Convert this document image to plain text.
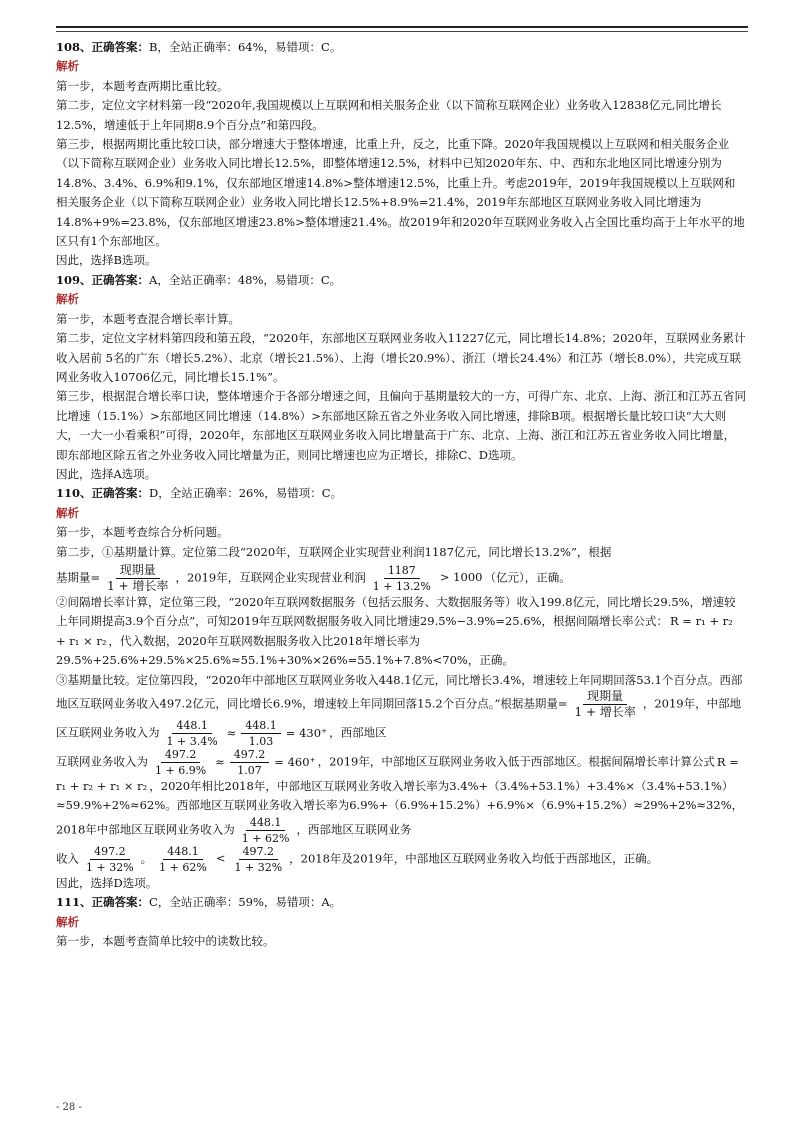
108、正确答案：B，全站正确率：64%，易错项：C。

解析

第一步，本题考查两期比重比较。

第二步，定位文字材料第一段“2020年,我国规模以上互联网和相关服务企业（以下简称互联网企业）业务收入12838亿元,同比增长12.5%，增速低于上年同期8.9个百分点”和第四段。

第三步，根据两期比重比较口诀，部分增速大于整体增速，比重上升，反之，比重下降。2020年我国规模以上互联网和相关服务企业（以下简称互联网企业）业务收入同比增长12.5%，即整体增速12.5%，材料中已知2020年东、中、西和东北地区同比增速分别为14.8%、3.4%、6.9%和9.1%，仅东部地区增速14.8%>整体增速12.5%，比重上升。考虑2019年，2019年我国规模以上互联网和相关服务企业（以下简称互联网企业）业务收入同比增长12.5%+8.9%=21.4%，2019年东部地区互联网业务收入同比增速为14.8%+9%=23.8%，仅东部地区增速23.8%>整体增速21.4%。故2019年和2020年互联网业务收入占全国比重均高于上年水平的地区只有1个东部地区。

因此，选择B选项。

109、正确答案：A，全站正确率：48%，易错项：C。

解析

第一步，本题考查混合增长率计算。

第二步，定位文字材料第四段和第五段，“2020年，东部地区互联网业务收入11227亿元，同比增长14.8%；2020年，互联网业务累计收入居前 5名的广东（增长5.2%）、北京（增长21.5%）、上海（增长20.9%）、浙江（增长24.4%）和江苏（增长8.0%），共完成互联网业务收入10706亿元，同比增长15.1%”。

第三步，根据混合增长率口诀，整体增速介于各部分增速之间，且偏向于基期量较大的一方，可得广东、北京、上海、浙江和江苏五省同比增速（15.1%）>东部地区同比增速（14.8%）>东部地区除五省之外业务收入同比增速，排除B项。根据增长量比较口诀“大大则大，一大一小看乘积”可得，2020年，东部地区互联网业务收入同比增量高于广东、北京、上海、浙江和江苏五省业务收入同比增量，即东部地区除五省之外业务收入同比增量为正，则同比增速也应为正增长，排除C、D选项。

因此，选择A选项。

110、正确答案：D，全站正确率：26%，易错项：C。

解析

第一步，本题考查综合分析问题。

第二步，①基期量计算。定位第二段“2020年，互联网企业实现营业利润1187亿元，同比增长13.2%”，根据

基期量= $\frac{\text{现期量}}{\text{1 + 增长率}}$ ，2019年，互联网企业实现营业利润 $\frac{1187}{1 + 13.2\%} > 1000$ （亿元），正确。

②间隔增长率计算，定位第三段，“2020年互联网数据服务（包括云服务、大数据服务等）收入199.8亿元，同比增长29.5%，增速较上年同期提高3.9个百分点”，可知2019年互联网数据服务收入同比增速29.5%−3.9%=25.6%，根据间隔增长率公式： R = r₁ + r₂ + r₁ × r₂ ，代入数据，2020年互联网数据服务收入比2018年增长率为29.5%+25.6%+29.5%×25.6%≈55.1%+30%×26%=55.1%+7.8%<70%，正确。

③基期量比较。定位第四段，“2020年中部地区互联网业务收入448.1亿元，同比增长3.4%，增速较上年同期回落53.1个百分点。西部地区互联网业务收入497.2亿元，同比增长6.9%，增速较上年同期回落15.2个百分点。”根据基期量= $\frac{\text{现期量}}{\text{1 + 增长率}}$ ，2019年，中部地区互联网业务收入为 $\frac{448.1}{1 + 3.4\%} \approx \frac{448.1}{1.03} = 430^+$ ，西部地区

互联网业务收入为 $\frac{497.2}{1 + 6.9\%} \approx \frac{497.2}{1.07} = 460^+$ ，2019年，中部地区互联网业务收入低于西部地区。根据间隔增长率计算公式 R = r₁ + r₂ + r₁ × r₂ ，2020年相比2018年，中部地区互联网业务收入增长率为3.4%+（3.4%+53.1%）+3.4%×（3.4%+53.1%）≈59.9%+2%≈62%。西部地区互联网业务收入增长率为6.9%+（6.9%+15.2%）+6.9%×（6.9%+15.2%）≈29%+2%≈32%，2018年中部地区互联网业务收入为 $\frac{448.1}{1 + 62\%}$ ，西部地区互联网业务

收入 $\frac{497.2}{1 + 32\%}$ 。 $\frac{448.1}{1 + 62\%} < \frac{497.2}{1 + 32\%}$ ，2018年及2019年，中部地区互联网业务收入均低于西部地区，正确。

因此，选择D选项。

111、正确答案：C，全站正确率：59%，易错项：A。

解析

第一步，本题考查简单比较中的读数比较。

- 28 -
